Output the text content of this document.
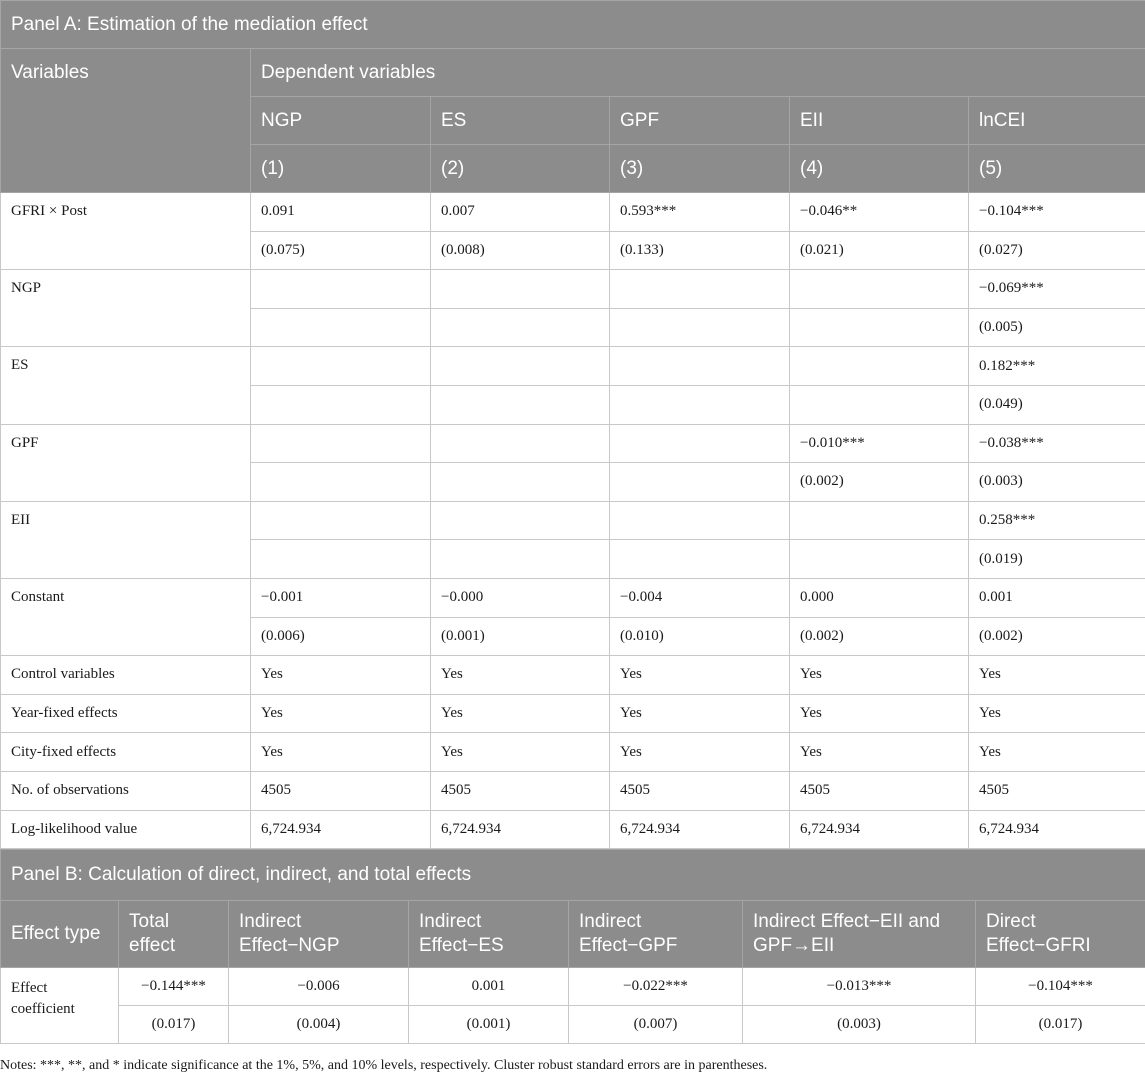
Panel A: Estimation of the mediation effect					
Variables	Dependent variables				
	NGP	ES	GPF	EII	lnCEI
	(1)	(2)	(3)	(4)	(5)
GFRI × Post	0.091	0.007	0.593***	−0.046**	−0.104***
	(0.075)	(0.008)	(0.133)	(0.021)	(0.027)
NGP					−0.069***
					(0.005)
ES					0.182***
					(0.049)
GPF				−0.010***	−0.038***
				(0.002)	(0.003)
EII					0.258***
					(0.019)
Constant	−0.001	−0.000	−0.004	0.000	0.001
	(0.006)	(0.001)	(0.010)	(0.002)	(0.002)
Control variables	Yes	Yes	Yes	Yes	Yes
Year-fixed effects	Yes	Yes	Yes	Yes	Yes
City-fixed effects	Yes	Yes	Yes	Yes	Yes
No. of observations	4505	4505	4505	4505	4505
Log-likelihood value	6,724.934	6,724.934	6,724.934	6,724.934	6,724.934
Panel B: Calculation of direct, indirect, and total effects						
Effect type	Total effect	Indirect Effect−NGP	Indirect Effect−ES	Indirect Effect−GPF	Indirect Effect−EII and GPF→EII	Direct Effect−GFRI
Effect coefficient	−0.144***	−0.006	0.001	−0.022***	−0.013***	−0.104***
	(0.017)	(0.004)	(0.001)	(0.007)	(0.003)	(0.017)
Notes: ***, **, and * indicate significance at the 1%, 5%, and 10% levels, respectively. Cluster robust standard errors are in parentheses.
